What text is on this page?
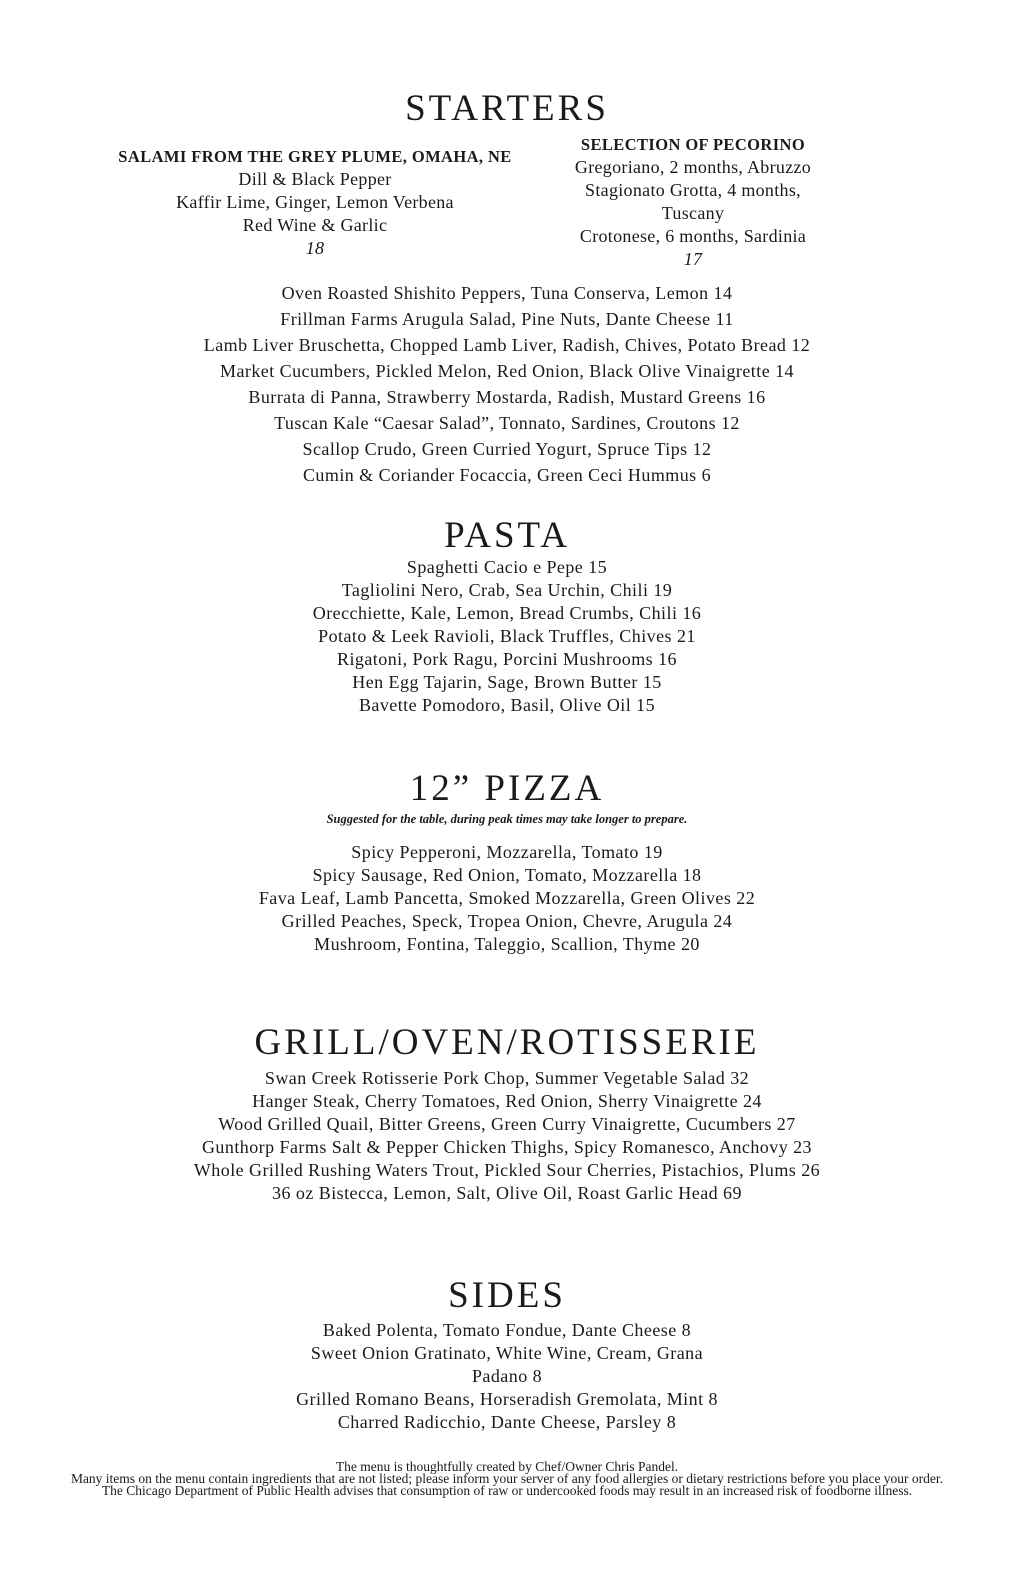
STARTERS
SALAMI FROM THE GREY PLUME, OMAHA, NE
Dill & Black Pepper
Kaffir Lime, Ginger, Lemon Verbena
Red Wine & Garlic
18
SELECTION OF PECORINO
Gregoriano, 2 months, Abruzzo
Stagionato Grotta, 4 months, Tuscany
Crotonese, 6 months, Sardinia
17
Oven Roasted Shishito Peppers, Tuna Conserva, Lemon 14
Frillman Farms Arugula Salad, Pine Nuts, Dante Cheese 11
Lamb Liver Bruschetta, Chopped Lamb Liver, Radish, Chives, Potato Bread 12
Market Cucumbers, Pickled Melon, Red Onion, Black Olive Vinaigrette 14
Burrata di Panna, Strawberry Mostarda, Radish, Mustard Greens 16
Tuscan Kale “Caesar Salad”, Tonnato, Sardines, Croutons 12
Scallop Crudo, Green Curried Yogurt, Spruce Tips 12
Cumin & Coriander Focaccia, Green Ceci Hummus 6
PASTA
Spaghetti Cacio e Pepe 15
Tagliolini Nero, Crab, Sea Urchin, Chili 19
Orecchiette, Kale, Lemon, Bread Crumbs, Chili 16
Potato & Leek Ravioli, Black Truffles, Chives 21
Rigatoni, Pork Ragu, Porcini Mushrooms 16
Hen Egg Tajarin, Sage, Brown Butter 15
Bavette Pomodoro, Basil, Olive Oil 15
12” PIZZA
Suggested for the table, during peak times may take longer to prepare.
Spicy Pepperoni, Mozzarella, Tomato 19
Spicy Sausage, Red Onion, Tomato, Mozzarella 18
Fava Leaf, Lamb Pancetta, Smoked Mozzarella, Green Olives 22
Grilled Peaches, Speck, Tropea Onion, Chevre, Arugula 24
Mushroom, Fontina, Taleggio, Scallion, Thyme 20
GRILL/OVEN/ROTISSERIE
Swan Creek Rotisserie Pork Chop, Summer Vegetable Salad 32
Hanger Steak, Cherry Tomatoes, Red Onion, Sherry Vinaigrette 24
Wood Grilled Quail, Bitter Greens, Green Curry Vinaigrette, Cucumbers 27
Gunthorp Farms Salt & Pepper Chicken Thighs, Spicy Romanesco, Anchovy 23
Whole Grilled Rushing Waters Trout, Pickled Sour Cherries, Pistachios, Plums 26
36 oz Bistecca, Lemon, Salt, Olive Oil, Roast Garlic Head 69
SIDES
Baked Polenta, Tomato Fondue, Dante Cheese 8
Sweet Onion Gratinato, White Wine, Cream, Grana
Padano 8
Grilled Romano Beans, Horseradish Gremolata, Mint 8
Charred Radicchio, Dante Cheese, Parsley 8
The menu is thoughtfully created by Chef/Owner Chris Pandel.
Many items on the menu contain ingredients that are not listed; please inform your server of any food allergies or dietary restrictions before you place your order.
The Chicago Department of Public Health advises that consumption of raw or undercooked foods may result in an increased risk of foodborne illness.
